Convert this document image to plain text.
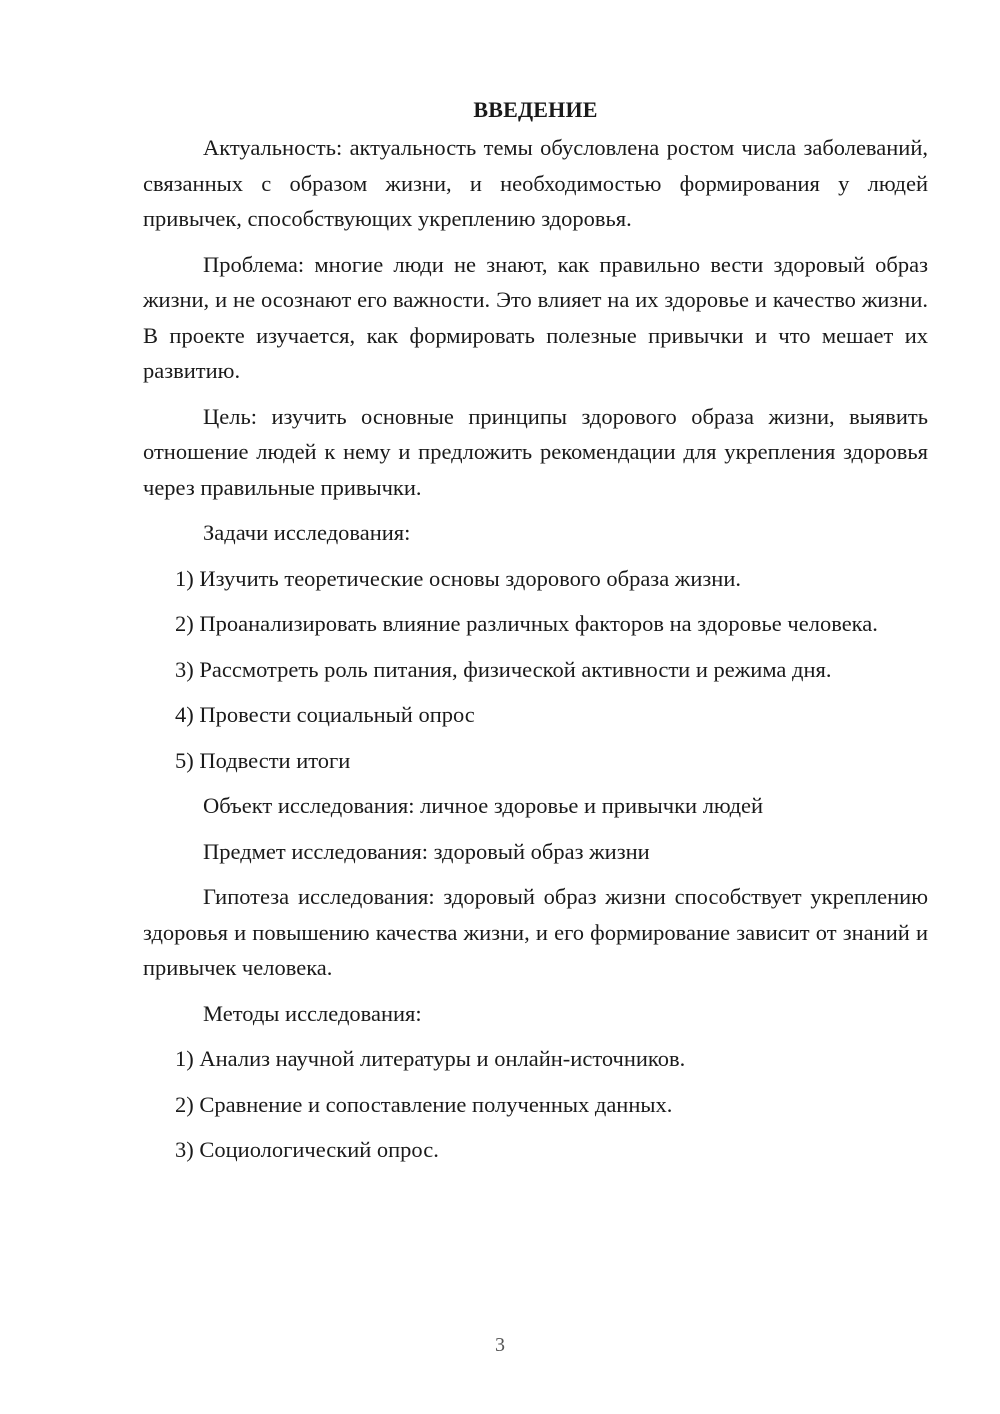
ВВЕДЕНИЕ

Актуальность: актуальность темы обусловлена ростом числа заболеваний, связанных с образом жизни, и необходимостью формирования у людей привычек, способствующих укреплению здоровья.

Проблема: многие люди не знают, как правильно вести здоровый образ жизни, и не осознают его важности. Это влияет на их здоровье и качество жизни. В проекте изучается, как формировать полезные привычки и что мешает их развитию.

Цель: изучить основные принципы здорового образа жизни, выявить отношение людей к нему и предложить рекомендации для укрепления здоровья через правильные привычки.

Задачи исследования:

1) Изучить теоретические основы здорового образа жизни.

2) Проанализировать влияние различных факторов на здоровье человека.

3) Рассмотреть роль питания, физической активности и режима дня.

4) Провести социальный опрос

5) Подвести итоги

Объект исследования: личное здоровье и привычки людей

Предмет исследования: здоровый образ жизни

Гипотеза исследования: здоровый образ жизни способствует укреплению здоровья и повышению качества жизни, и его формирование зависит от знаний и привычек человека.

Методы исследования:

1) Анализ научной литературы и онлайн-источников.

2) Сравнение и сопоставление полученных данных.

3) Социологический опрос.

3
